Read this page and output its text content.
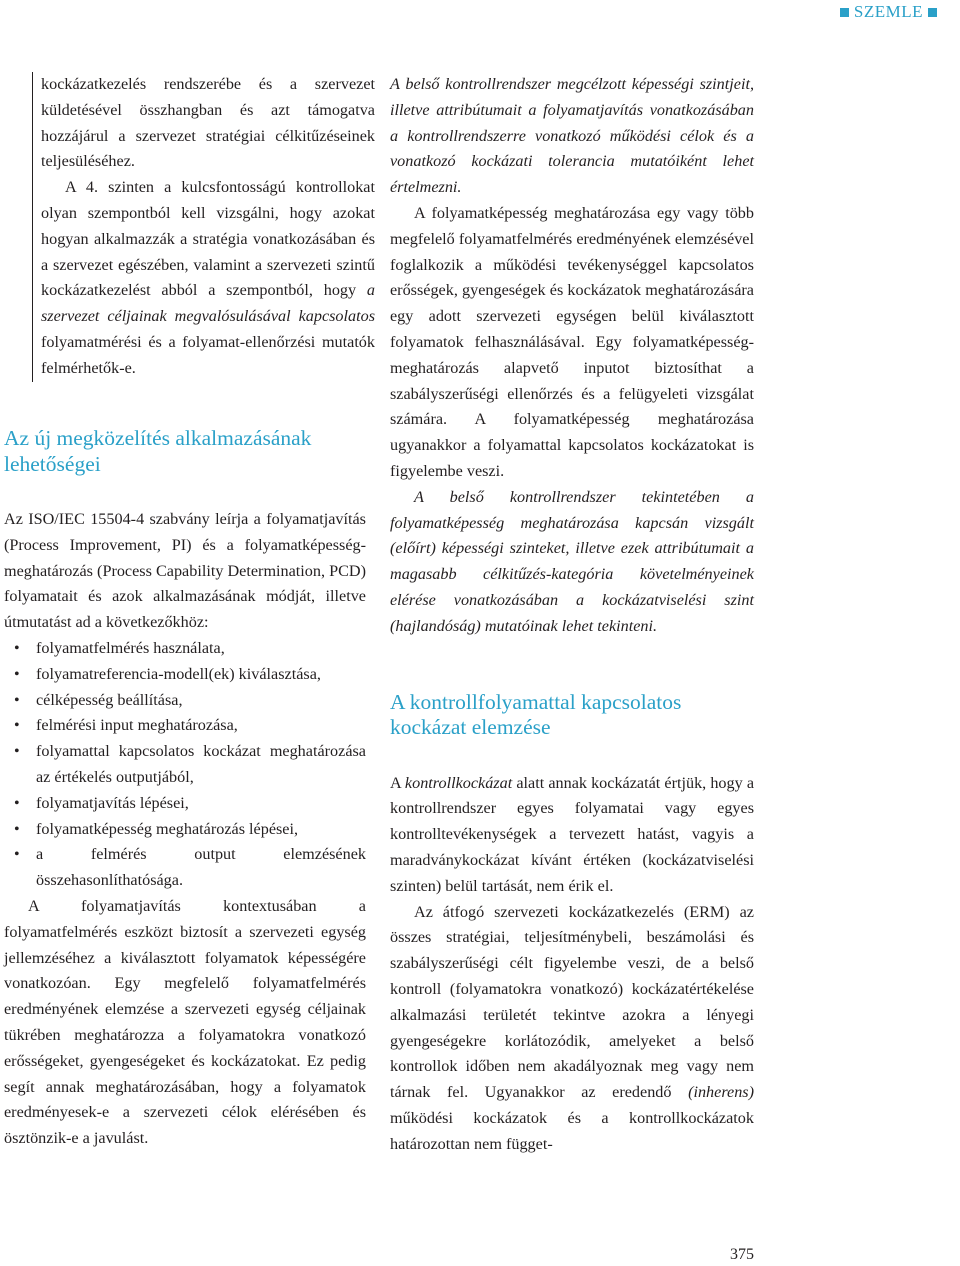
SZEMLE

kockázatkezelés rendszerébe és a szervezet küldetésével összhangban és azt támogatva hozzájárul a szervezet stratégiai célkitűzéseinek teljesüléséhez.

A 4. szinten a kulcsfontosságú kontrollokat olyan szempontból kell vizsgálni, hogy azokat hogyan alkalmazzák a stratégia vonatkozásában és a szervezet egészében, valamint a szervezeti szintű kockázatkezelést abból a szempontból, hogy a szervezet céljainak megvalósulásával kapcsolatos folyamatmérési és a folyamat-ellenőrzési mutatók felmérhetők-e.

Az új megközelítés alkalmazásának lehetőségei

Az ISO/IEC 15504-4 szabvány leírja a folyamatjavítás (Process Improvement, PI) és a folyamatképesség-meghatározás (Process Capability Determination, PCD) folyamatait és azok alkalmazásának módját, illetve útmutatást ad a következőkhöz:

• folyamatfelmérés használata,
• folyamatreferencia-modell(ek) kiválasztása,
• célképesség beállítása,
• felmérési input meghatározása,
• folyamattal kapcsolatos kockázat meghatározása az értékelés outputjából,
• folyamatjavítás lépései,
• folyamatképesség meghatározás lépései,
• a felmérés output elemzésének összehasonlíthatósága.

A folyamatjavítás kontextusában a folyamatfelmérés eszközt biztosít a szervezeti egység jellemzéséhez a kiválasztott folyamatok képességére vonatkozóan. Egy megfelelő folyamatfelmérés eredményének elemzése a szervezeti egység céljainak tükrében meghatározza a folyamatokra vonatkozó erősségeket, gyengeségeket és kockázatokat. Ez pedig segít annak meghatározásában, hogy a folyamatok eredményesek-e a szervezeti célok elérésében és ösztönzik-e a javulást.

A belső kontrollrendszer megcélzott képességi szintjeit, illetve attribútumait a folyamatjavítás vonatkozásában a kontrollrendszerre vonatkozó működési célok és a vonatkozó kockázati tolerancia mutatóiként lehet értelmezni.

A folyamatképesség meghatározása egy vagy több megfelelő folyamatfelmérés eredményének elemzésével foglalkozik a működési tevékenységgel kapcsolatos erősségek, gyengeségek és kockázatok meghatározására egy adott szervezeti egységen belül kiválasztott folyamatok felhasználásával. Egy folyamatképesség-meghatározás alapvető inputot biztosíthat a szabályszerűségi ellenőrzés és a felügyeleti vizsgálat számára. A folyamatképesség meghatározása ugyanakkor a folyamattal kapcsolatos kockázatokat is figyelembe veszi.

A belső kontrollrendszer tekintetében a folyamatképesség meghatározása kapcsán vizsgált (előírt) képességi szinteket, illetve ezek attribútumait a magasabb célkitűzés-kategória követelményeinek elérése vonatkozásában a kockázatviselési szint (hajlandóság) mutatóinak lehet tekinteni.

A kontrollfolyamattal kapcsolatos kockázat elemzése

A kontrollkockázat alatt annak kockázatát értjük, hogy a kontrollrendszer egyes folyamatai vagy egyes kontrolltevékenységek a tervezett hatást, vagyis a maradványkockázat kívánt értéken (kockázatviselési szinten) belül tartását, nem érik el.

Az átfogó szervezeti kockázatkezelés (ERM) az összes stratégiai, teljesítménybeli, beszámolási és szabályszerűségi célt figyelembe veszi, de a belső kontroll (folyamatokra vonatkozó) kockázatértékelése alkalmazási területét tekintve azokra a lényegi gyengeségekre korlátozódik, amelyeket a belső kontrollok időben nem akadályoznak meg vagy nem tárnak fel. Ugyanakkor az eredendő (inherens) működési kockázatok és a kontrollkockázatok határozottan nem függet-

375
